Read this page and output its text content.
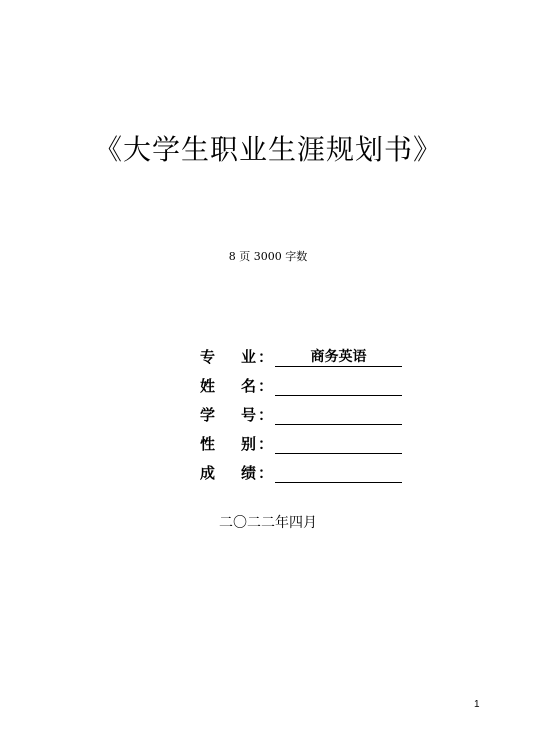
《大学生职业生涯规划书》
8 页 3000 字数
专 业 ：	商务英语
姓 名 ：
学 号 ：
性 别 ：
成 绩 ：
二〇二二年四月
1
